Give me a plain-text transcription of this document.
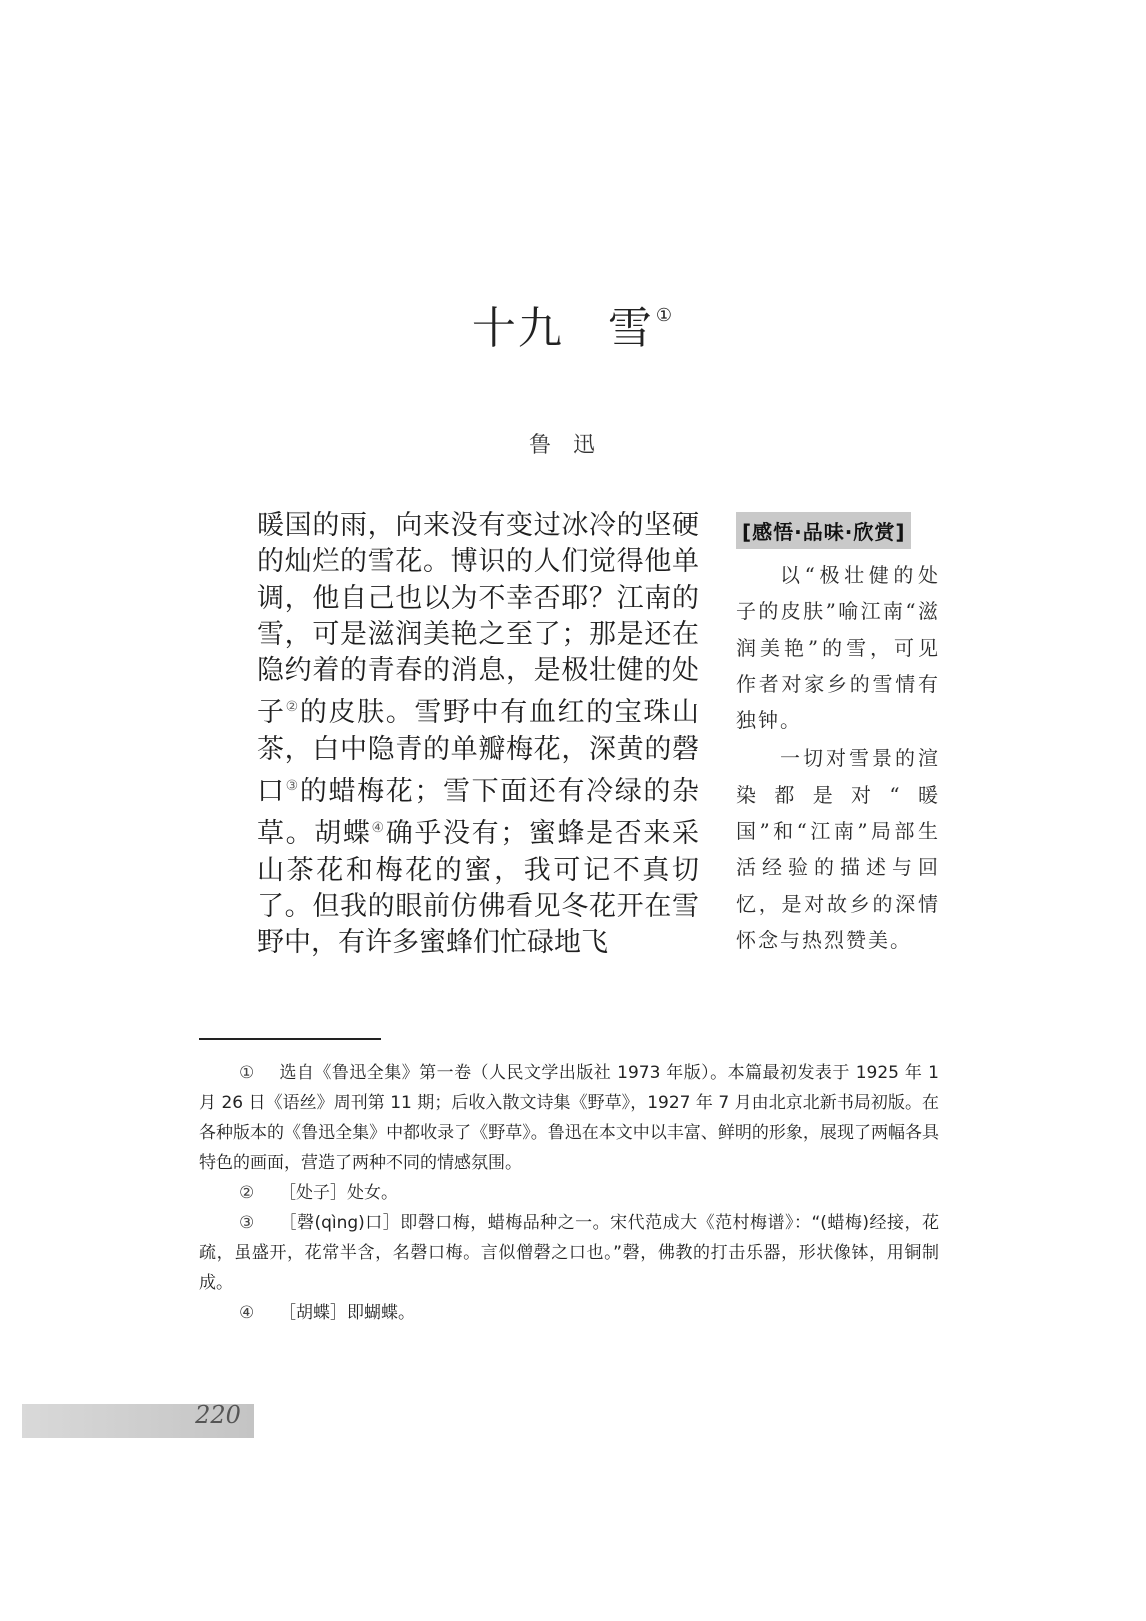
十九 雪 ①
鲁迅
暖国的雨，向来没有变过冰冷的坚硬的灿烂的雪花。博识的人们觉得他单调，他自己也以为不幸否耶？江南的雪，可是滋润美艳之至了；那是还在隐约着的青春的消息，是极壮健的处子②的皮肤。雪野中有血红的宝珠山茶，白中隐青的单瓣梅花，深黄的磬口③的蜡梅花；雪下面还有冷绿的杂草。胡蝶④确乎没有；蜜蜂是否来采山茶花和梅花的蜜，我可记不真切了。但我的眼前仿佛看见冬花开在雪野中，有许多蜜蜂们忙碌地飞
[感悟·品味·欣赏]

以“极壮健的处子的皮肤”喻江南“滋润美艳”的雪，可见作者对家乡的雪情有独钟。

一切对雪景的渲染都是对“暖国”和“江南”局部生活经验的描述与回忆，是对故乡的深情怀念与热烈赞美。

① 选自《鲁迅全集》第一卷（人民文学出版社 1973 年版）。本篇最初发表于 1925 年 1 月 26 日《语丝》周刊第 11 期；后收入散文诗集《野草》，1927 年 7 月由北京北新书局初版。在各种版本的《鲁迅全集》中都收录了《野草》。鲁迅在本文中以丰富、鲜明的形象，展现了两幅各具特色的画面，营造了两种不同的情感氛围。

② ［处子］处女。

③ ［磬(qìng)口］即磬口梅，蜡梅品种之一。宋代范成大《范村梅谱》：“(蜡梅)经接，花疏，虽盛开，花常半含，名磬口梅。言似僧磬之口也。”磬，佛教的打击乐器，形状像钵，用铜制成。

④ ［胡蝶］即蝴蝶。

220
